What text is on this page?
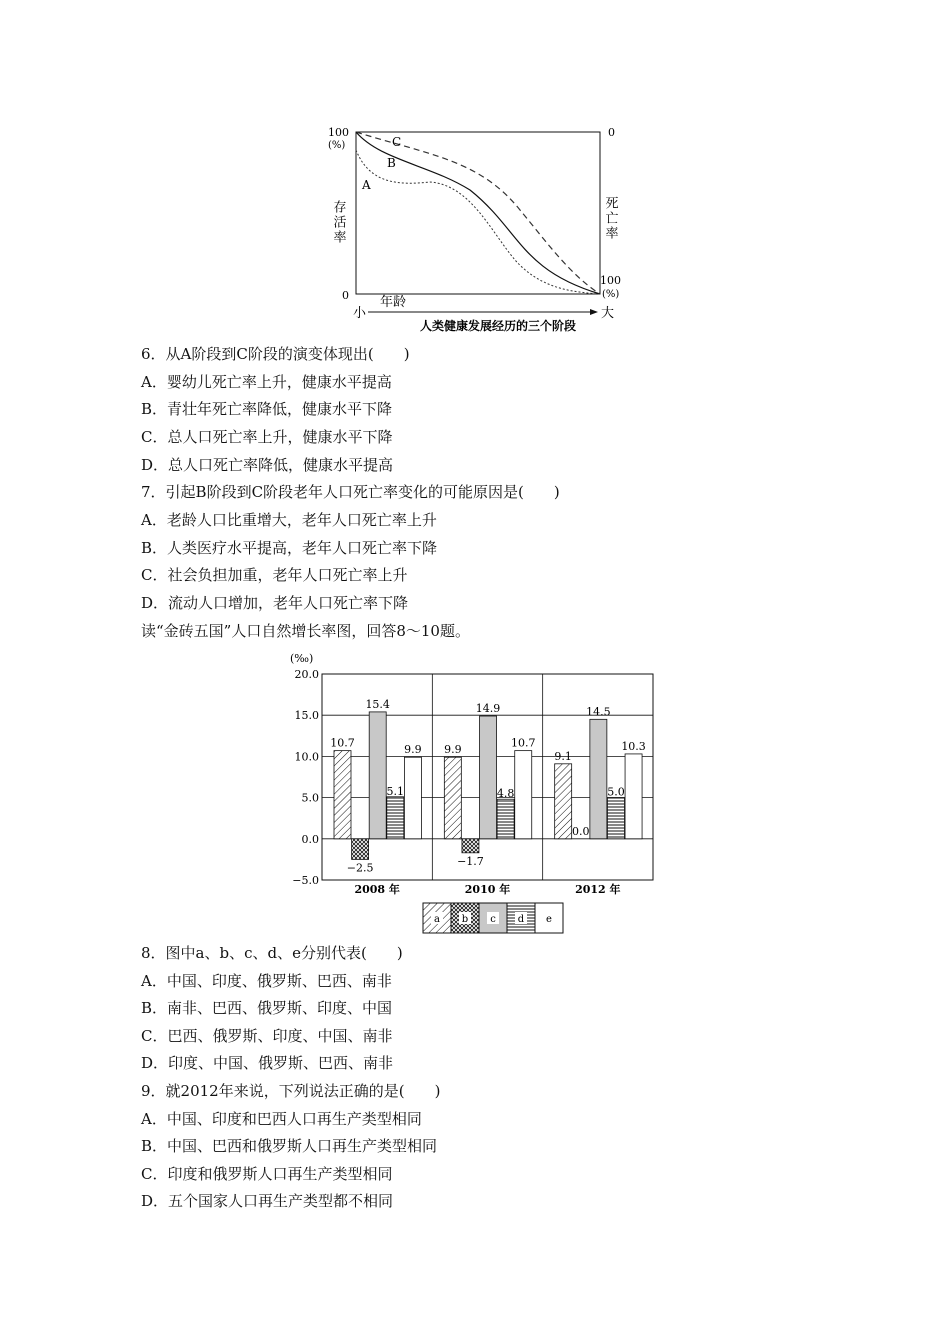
100
(%)
0
0
100
(%)
存活率	死亡率
A
B
C
年龄
小	大
人类健康发展经历的三个阶段
6．从A阶段到C阶段的演变体现出(　　)
A．婴幼儿死亡率上升，健康水平提高
B．青壮年死亡率降低，健康水平下降
C．总人口死亡率上升，健康水平下降
D．总人口死亡率降低，健康水平提高
7．引起B阶段到C阶段老年人口死亡率变化的可能原因是(　　)
A．老龄人口比重增大，老年人口死亡率上升
B．人类医疗水平提高，老年人口死亡率下降
C．社会负担加重，老年人口死亡率上升
D．流动人口增加，老年人口死亡率下降
读“金砖五国”人口自然增长率图，回答8～10题。
(‰)
20.0
15.0
10.0
5.0
0.0
−5.0
10.7
−2.5
15.4
5.1
9.9
2008 年
9.9
−1.7
14.9
4.8
10.7
2010 年
9.1
0.0
14.5
5.0
10.3
2012 年
a b c d e
8．图中a、b、c、d、e分别代表(　　)
A．中国、印度、俄罗斯、巴西、南非
B．南非、巴西、俄罗斯、印度、中国
C．巴西、俄罗斯、印度、中国、南非
D．印度、中国、俄罗斯、巴西、南非
9．就2012年来说，下列说法正确的是(　　)
A．中国、印度和巴西人口再生产类型相同
B．中国、巴西和俄罗斯人口再生产类型相同
C．印度和俄罗斯人口再生产类型相同
D．五个国家人口再生产类型都不相同
